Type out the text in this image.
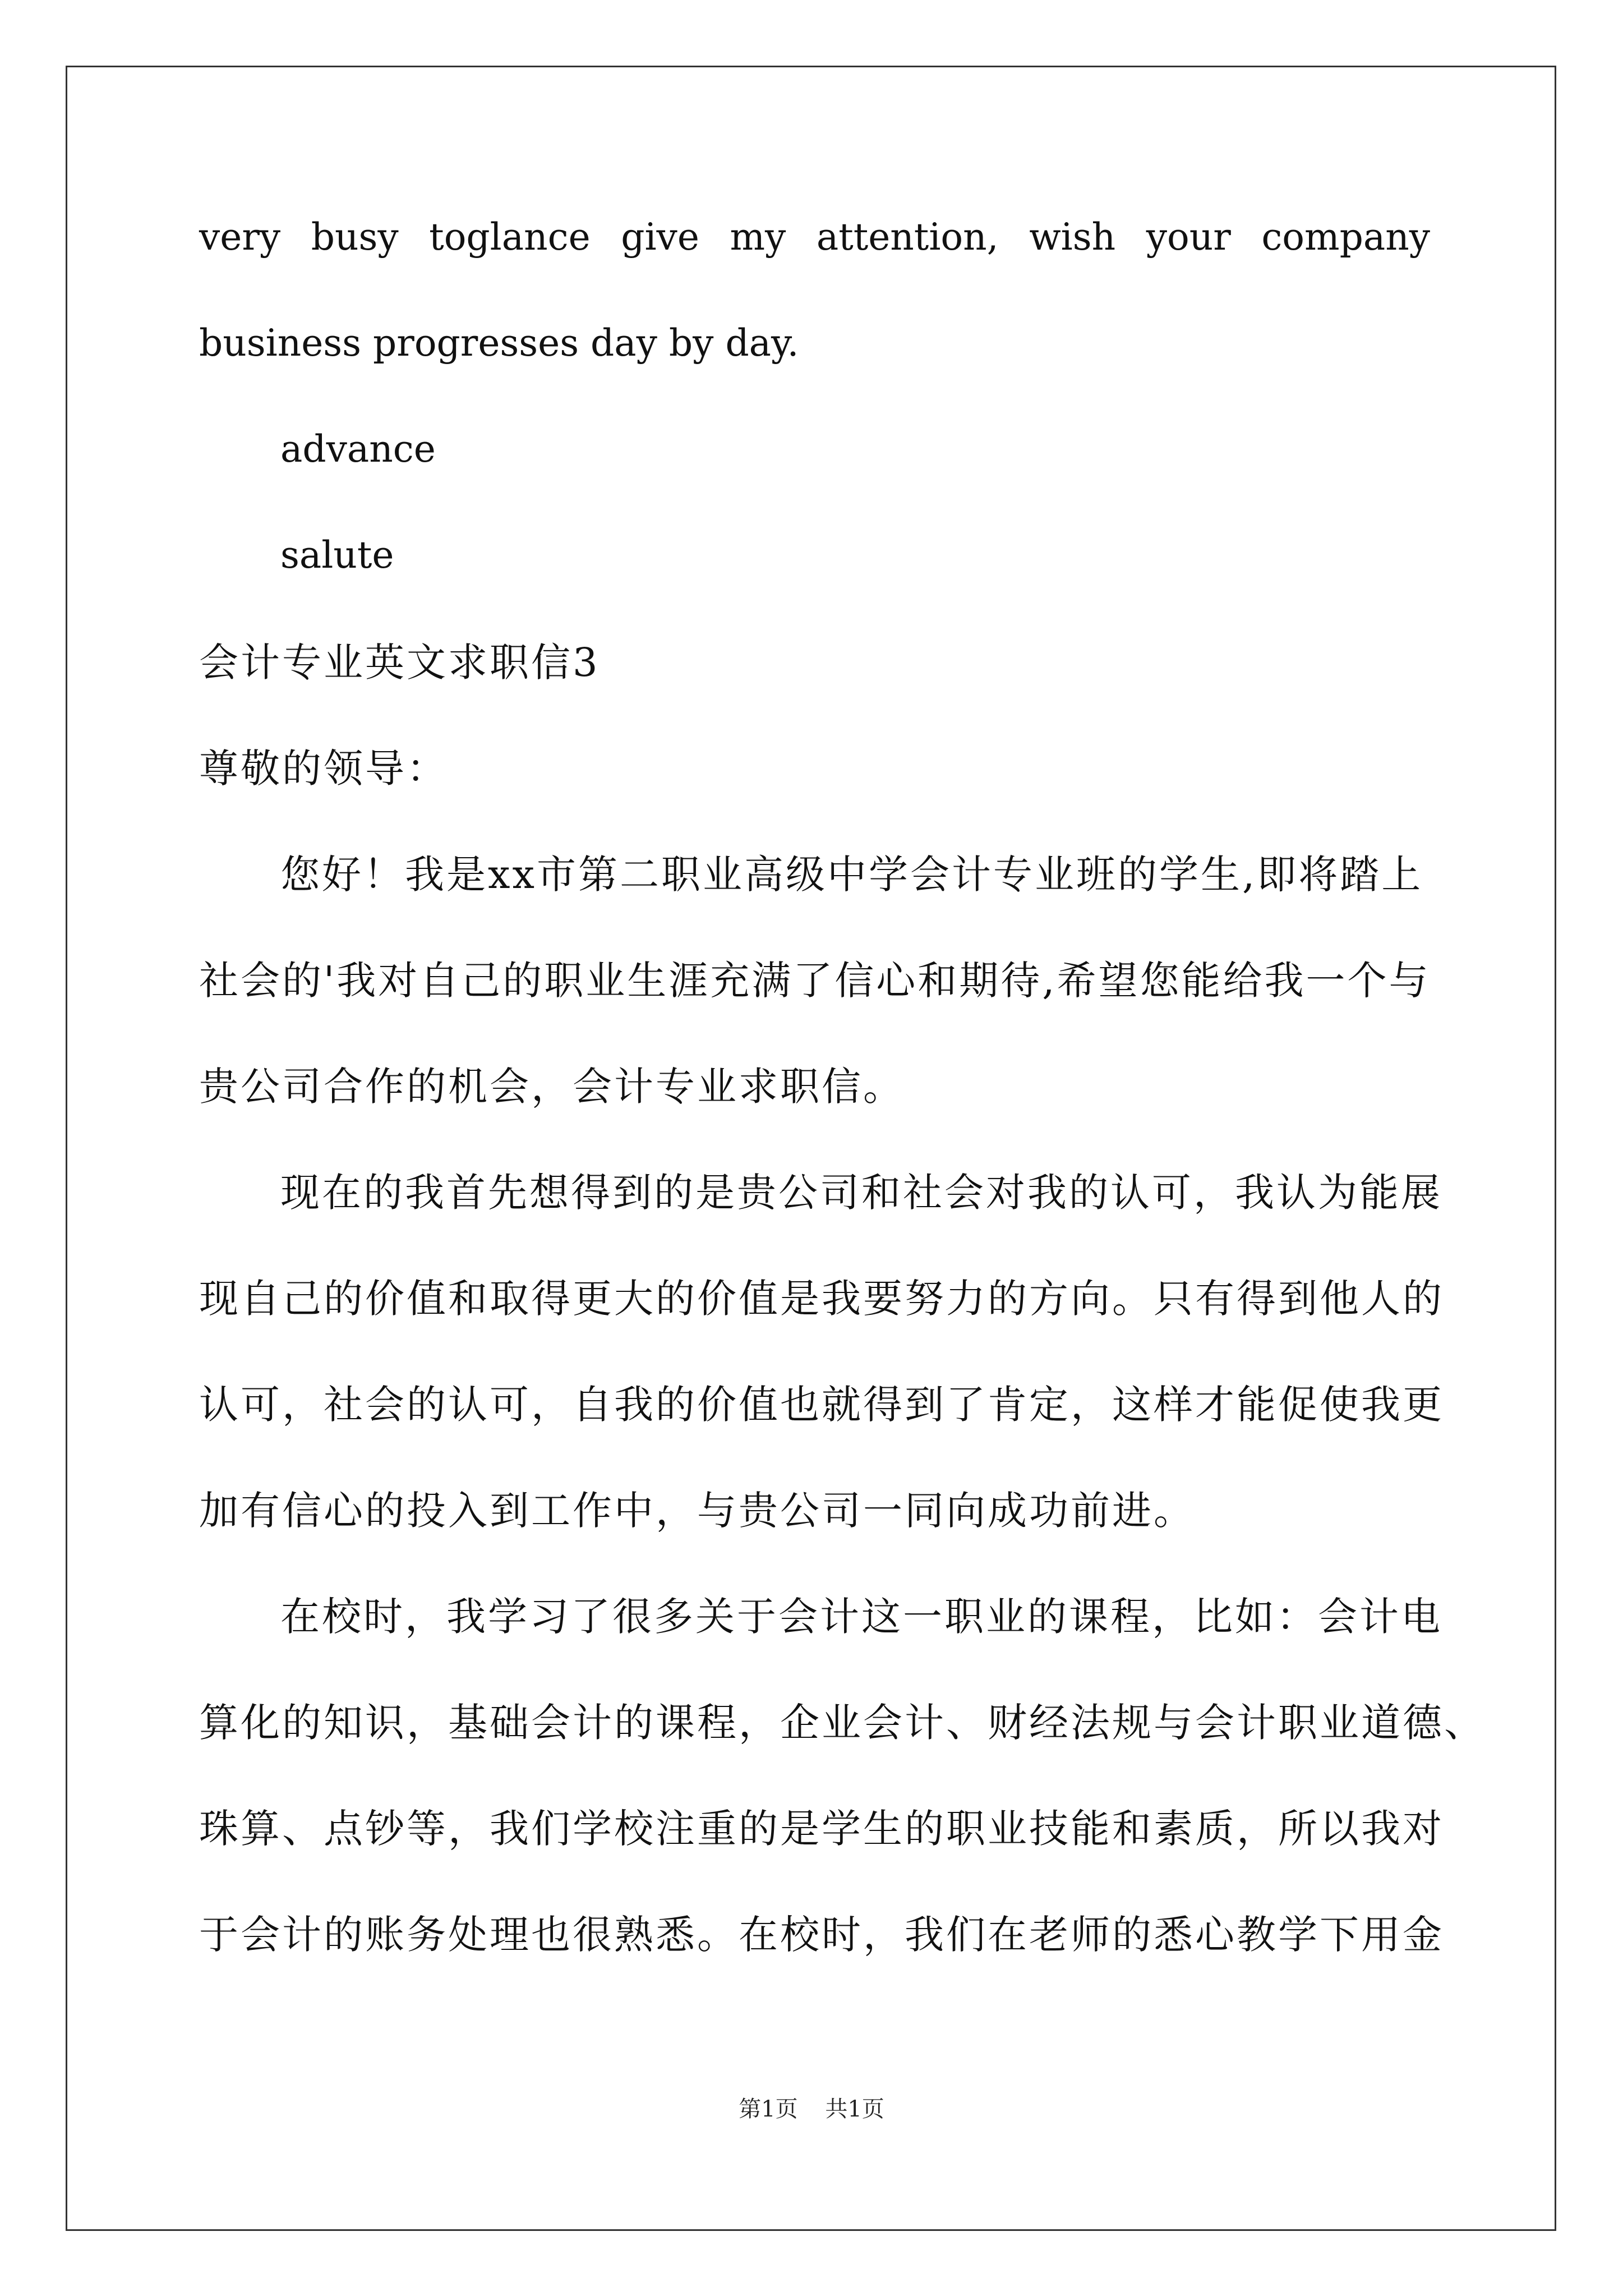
very busy toglance give my attention, wish your company
business progresses day by day.
advance
salute
会计专业英文求职信3
尊敬的领导：
您好！我是xx市第二职业高级中学会计专业班的学生,即将踏上
社会的'我对自己的职业生涯充满了信心和期待,希望您能给我一个与
贵公司合作的机会，会计专业求职信。
现在的我首先想得到的是贵公司和社会对我的认可，我认为能展
现自己的价值和取得更大的价值是我要努力的方向。只有得到他人的
认可，社会的认可，自我的价值也就得到了肯定，这样才能促使我更
加有信心的投入到工作中，与贵公司一同向成功前进。
在校时，我学习了很多关于会计这一职业的课程，比如：会计电
算化的知识，基础会计的课程，企业会计、财经法规与会计职业道德、
珠算、点钞等，我们学校注重的是学生的职业技能和素质，所以我对
于会计的账务处理也很熟悉。在校时，我们在老师的悉心教学下用金
第1页 共1页
